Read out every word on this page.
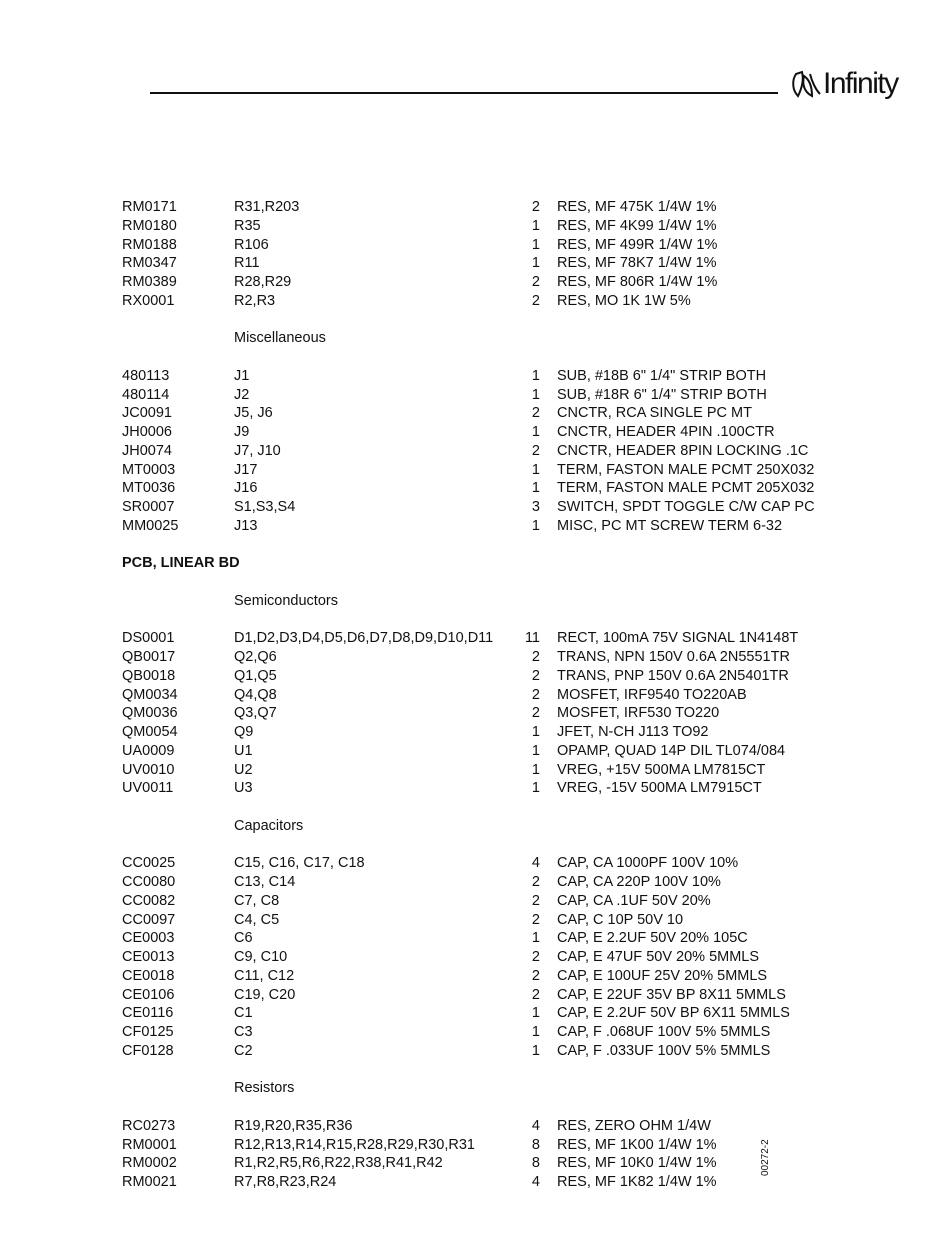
Infinity
RM0171	R31,R203	2 RES, MF 475K 1/4W 1%
RM0180	R35	1 RES, MF 4K99 1/4W 1%
RM0188	R106	1 RES, MF 499R 1/4W 1%
RM0347	R11	1 RES, MF 78K7 1/4W 1%
RM0389	R28,R29	2 RES, MF 806R 1/4W 1%
RX0001	R2,R3	2 RES, MO 1K 1W 5%
Miscellaneous
480113	J1	1 SUB, #18B 6" 1/4" STRIP BOTH
480114	J2	1 SUB, #18R 6" 1/4" STRIP BOTH
JC0091	J5, J6	2 CNCTR, RCA SINGLE PC MT
JH0006	J9	1 CNCTR, HEADER 4PIN .100CTR
JH0074	J7, J10	2 CNCTR, HEADER 8PIN LOCKING .1C
MT0003	J17	1 TERM, FASTON MALE PCMT 250X032
MT0036	J16	1 TERM, FASTON MALE PCMT 205X032
SR0007	S1,S3,S4	3 SWITCH, SPDT TOGGLE C/W CAP PC
MM0025	J13	1 MISC, PC MT SCREW TERM 6-32
PCB, LINEAR BD
Semiconductors
DS0001	D1,D2,D3,D4,D5,D6,D7,D8,D9,D10,D11	11 RECT, 100mA 75V SIGNAL 1N4148T
QB0017	Q2,Q6	2 TRANS, NPN 150V 0.6A 2N5551TR
QB0018	Q1,Q5	2 TRANS, PNP 150V 0.6A 2N5401TR
QM0034	Q4,Q8	2 MOSFET, IRF9540 TO220AB
QM0036	Q3,Q7	2 MOSFET, IRF530 TO220
QM0054	Q9	1 JFET, N-CH J113 TO92
UA0009	U1	1 OPAMP, QUAD 14P DIL TL074/084
UV0010	U2	1 VREG, +15V 500MA LM7815CT
UV0011	U3	1 VREG, -15V 500MA LM7915CT
Capacitors
CC0025	C15, C16, C17, C18	4 CAP, CA 1000PF 100V 10%
CC0080	C13, C14	2 CAP, CA 220P 100V 10%
CC0082	C7, C8	2 CAP, CA .1UF 50V 20%
CC0097	C4, C5	2 CAP, C 10P 50V 10
CE0003	C6	1 CAP, E 2.2UF 50V 20% 105C
CE0013	C9, C10	2 CAP, E 47UF 50V 20% 5MMLS
CE0018	C11, C12	2 CAP, E 100UF 25V 20% 5MMLS
CE0106	C19, C20	2 CAP, E 22UF 35V BP 8X11 5MMLS
CE0116	C1	1 CAP, E 2.2UF 50V BP 6X11 5MMLS
CF0125	C3	1 CAP, F .068UF 100V 5% 5MMLS
CF0128	C2	1 CAP, F .033UF 100V 5% 5MMLS
Resistors
RC0273	R19,R20,R35,R36	4 RES, ZERO OHM 1/4W
RM0001	R12,R13,R14,R15,R28,R29,R30,R31	8 RES, MF 1K00 1/4W 1%
RM0002	R1,R2,R5,R6,R22,R38,R41,R42	8 RES, MF 10K0 1/4W 1%
RM0021	R7,R8,R23,R24	4 RES, MF 1K82 1/4W 1%
00272-2
